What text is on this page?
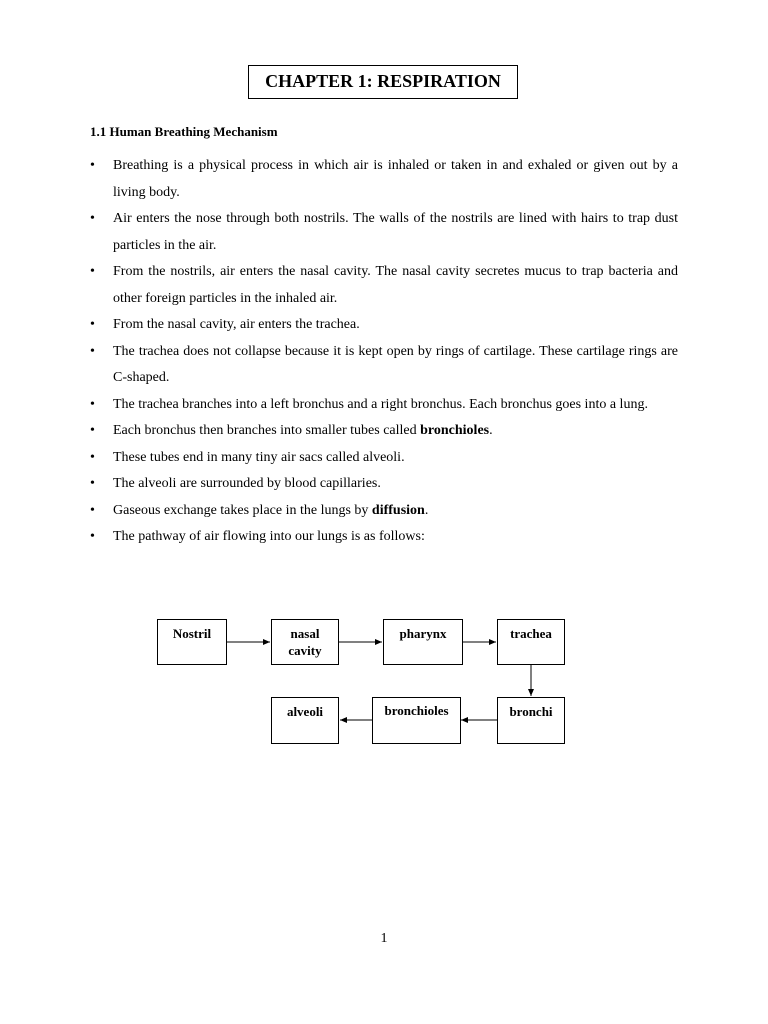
CHAPTER 1: RESPIRATION
1.1 Human Breathing Mechanism
• Breathing is a physical process in which air is inhaled or taken in and exhaled or given out by a living body.
• Air enters the nose through both nostrils. The walls of the nostrils are lined with hairs to trap dust particles in the air.
• From the nostrils, air enters the nasal cavity. The nasal cavity secretes mucus to trap bacteria and other foreign particles in the inhaled air.
• From the nasal cavity, air enters the trachea.
• The trachea does not collapse because it is kept open by rings of cartilage. These cartilage rings are C-shaped.
• The trachea branches into a left bronchus and a right bronchus. Each bronchus goes into a lung.
• Each bronchus then branches into smaller tubes called bronchioles.
• These tubes end in many tiny air sacs called alveoli.
• The alveoli are surrounded by blood capillaries.
• Gaseous exchange takes place in the lungs by diffusion.
• The pathway of air flowing into our lungs is as follows:
Nostril	nasal
cavity
pharynx	trachea
alveoli	bronchioles	bronchi
1
